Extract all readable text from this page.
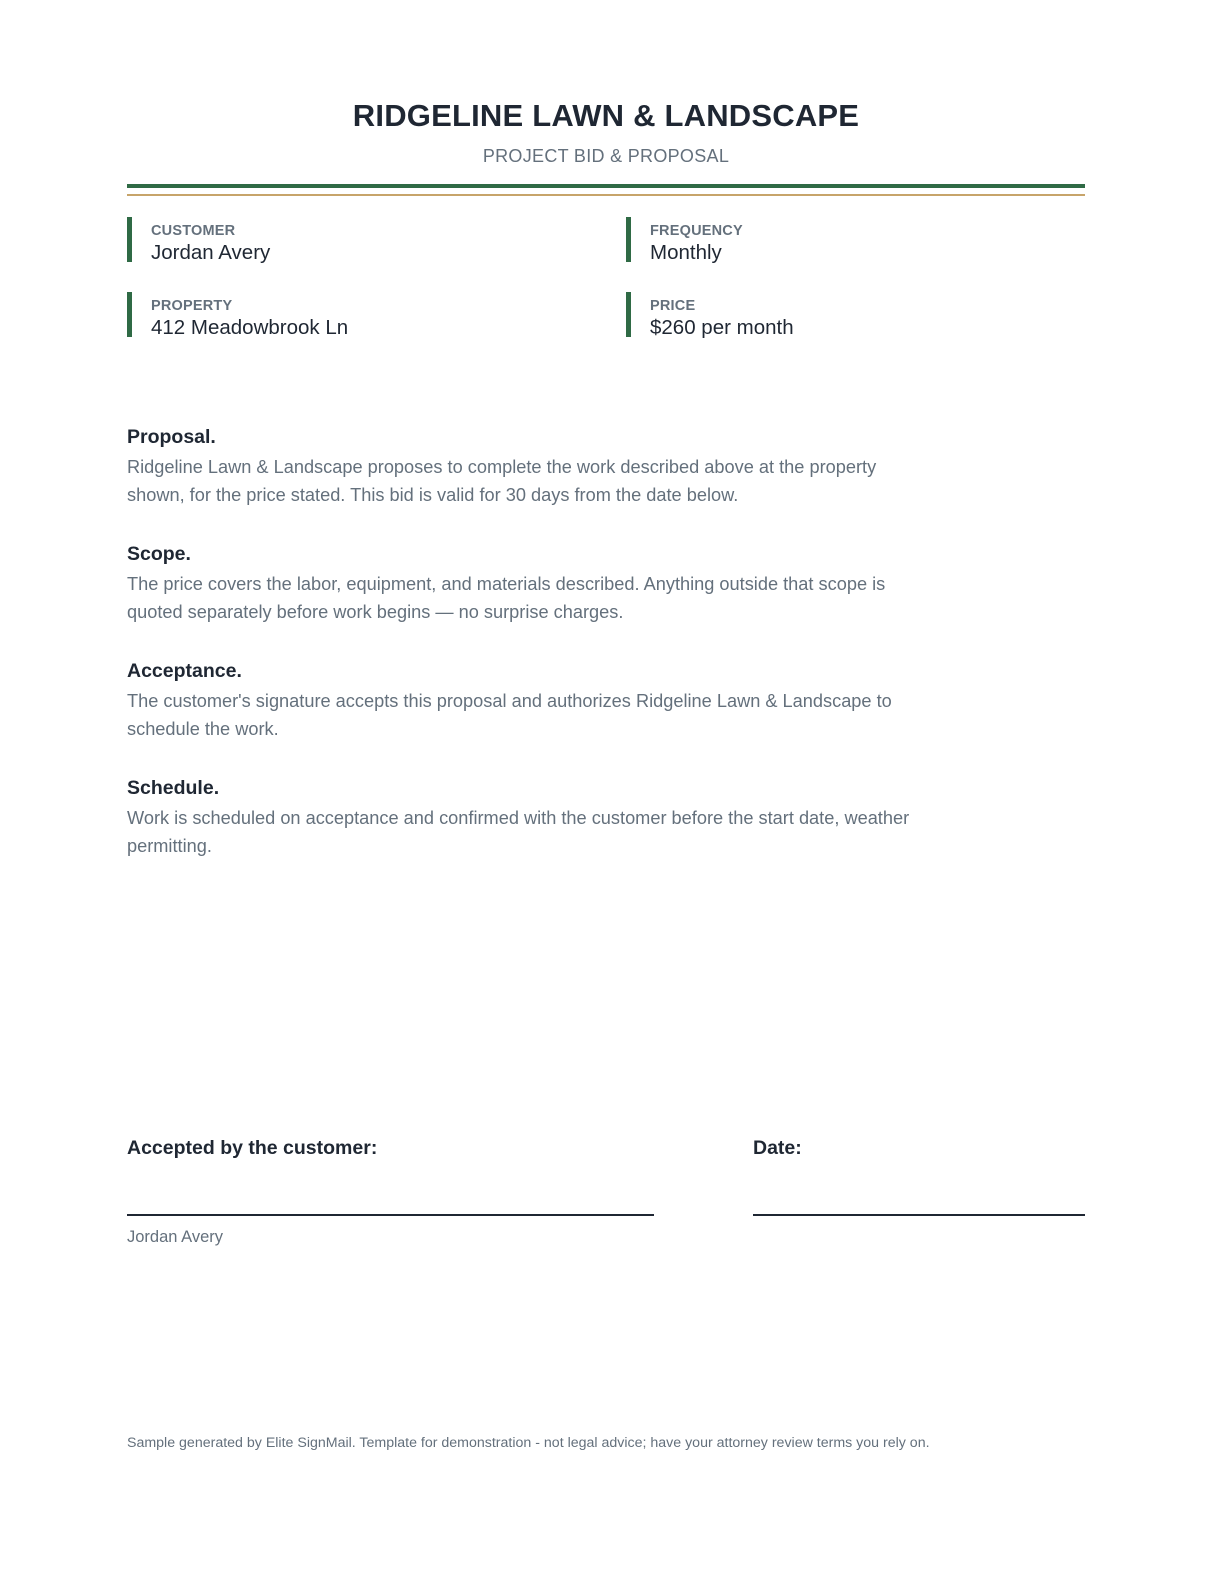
RIDGELINE LAWN & LANDSCAPE
PROJECT BID & PROPOSAL
CUSTOMER
Jordan Avery
FREQUENCY
Monthly
PROPERTY
412 Meadowbrook Ln
PRICE
$260 per month
Proposal.
Ridgeline Lawn & Landscape proposes to complete the work described above at the property shown, for the price stated. This bid is valid for 30 days from the date below.
Scope.
The price covers the labor, equipment, and materials described. Anything outside that scope is quoted separately before work begins — no surprise charges.
Acceptance.
The customer's signature accepts this proposal and authorizes Ridgeline Lawn & Landscape to schedule the work.
Schedule.
Work is scheduled on acceptance and confirmed with the customer before the start date, weather permitting.
Accepted by the customer:	Date:
Jordan Avery
Sample generated by Elite SignMail. Template for demonstration - not legal advice; have your attorney review terms you rely on.
